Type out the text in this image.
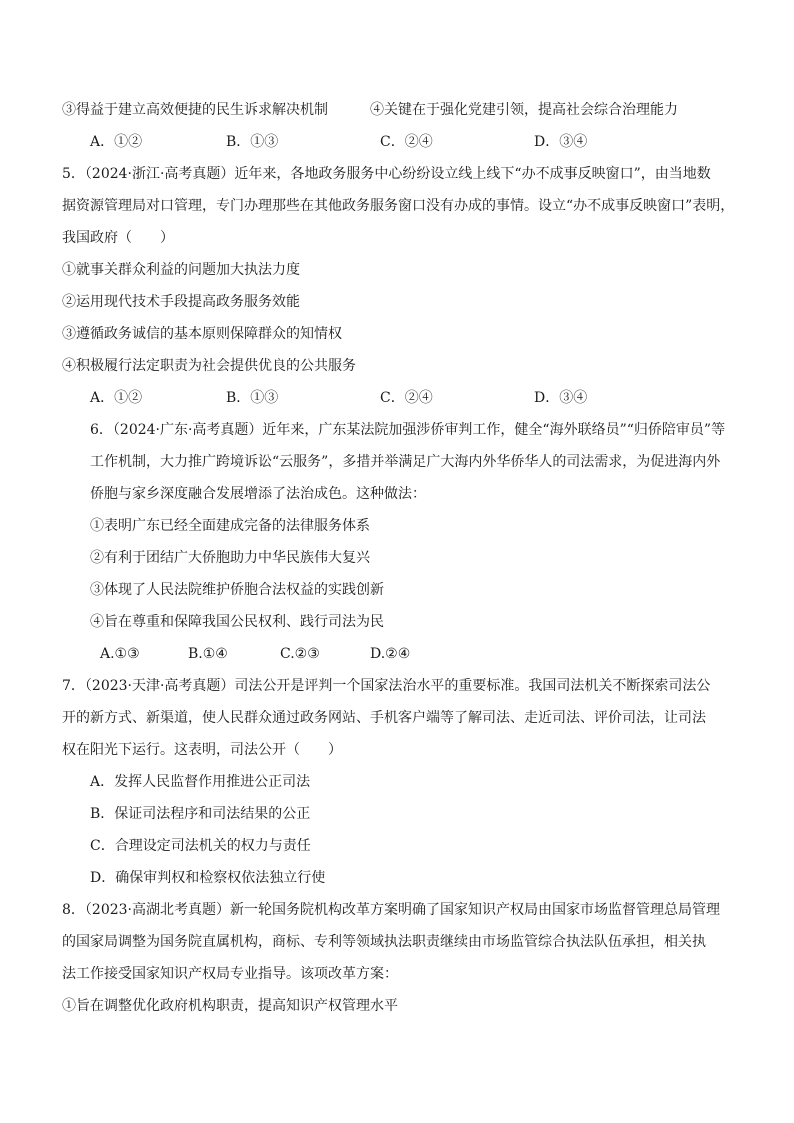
③得益于建立高效便捷的民生诉求解决机制	④关键在于强化党建引领，提高社会综合治理能力
A．①②	B．①③	C．②④	D．③④
5．（2024·浙江·高考真题）近年来，各地政务服务中心纷纷设立线上线下“办不成事反映窗口”，由当地数
据资源管理局对口管理，专门办理那些在其他政务服务窗口没有办成的事情。设立“办不成事反映窗口”表明，
我国政府（　　）
①就事关群众利益的问题加大执法力度
②运用现代技术手段提高政务服务效能
③遵循政务诚信的基本原则保障群众的知情权
④积极履行法定职责为社会提供优良的公共服务
A．①②	B．①③	C．②④	D．③④
6．（2024·广东·高考真题）近年来，广东某法院加强涉侨审判工作，健全“海外联络员”“归侨陪审员”等
工作机制，大力推广跨境诉讼“云服务”，多措并举满足广大海内外华侨华人的司法需求，为促进海内外
侨胞与家乡深度融合发展增添了法治成色。这种做法：
①表明广东已经全面建成完备的法律服务体系
②有利于团结广大侨胞助力中华民族伟大复兴
③体现了人民法院维护侨胞合法权益的实践创新
④旨在尊重和保障我国公民权利、践行司法为民
A.①③	B.①④	C.②③	D.②④
7．（2023·天津·高考真题）司法公开是评判一个国家法治水平的重要标准。我国司法机关不断探索司法公
开的新方式、新渠道，使人民群众通过政务网站、手机客户端等了解司法、走近司法、评价司法，让司法
权在阳光下运行。这表明，司法公开（　　）
A．发挥人民监督作用推进公正司法
B．保证司法程序和司法结果的公正
C．合理设定司法机关的权力与责任
D．确保审判权和检察权依法独立行使
8．（2023·高湖北考真题）新一轮国务院机构改革方案明确了国家知识产权局由国家市场监督管理总局管理
的国家局调整为国务院直属机构，商标、专利等领域执法职责继续由市场监管综合执法队伍承担，相关执
法工作接受国家知识产权局专业指导。该项改革方案：
①旨在调整优化政府机构职责，提高知识产权管理水平
